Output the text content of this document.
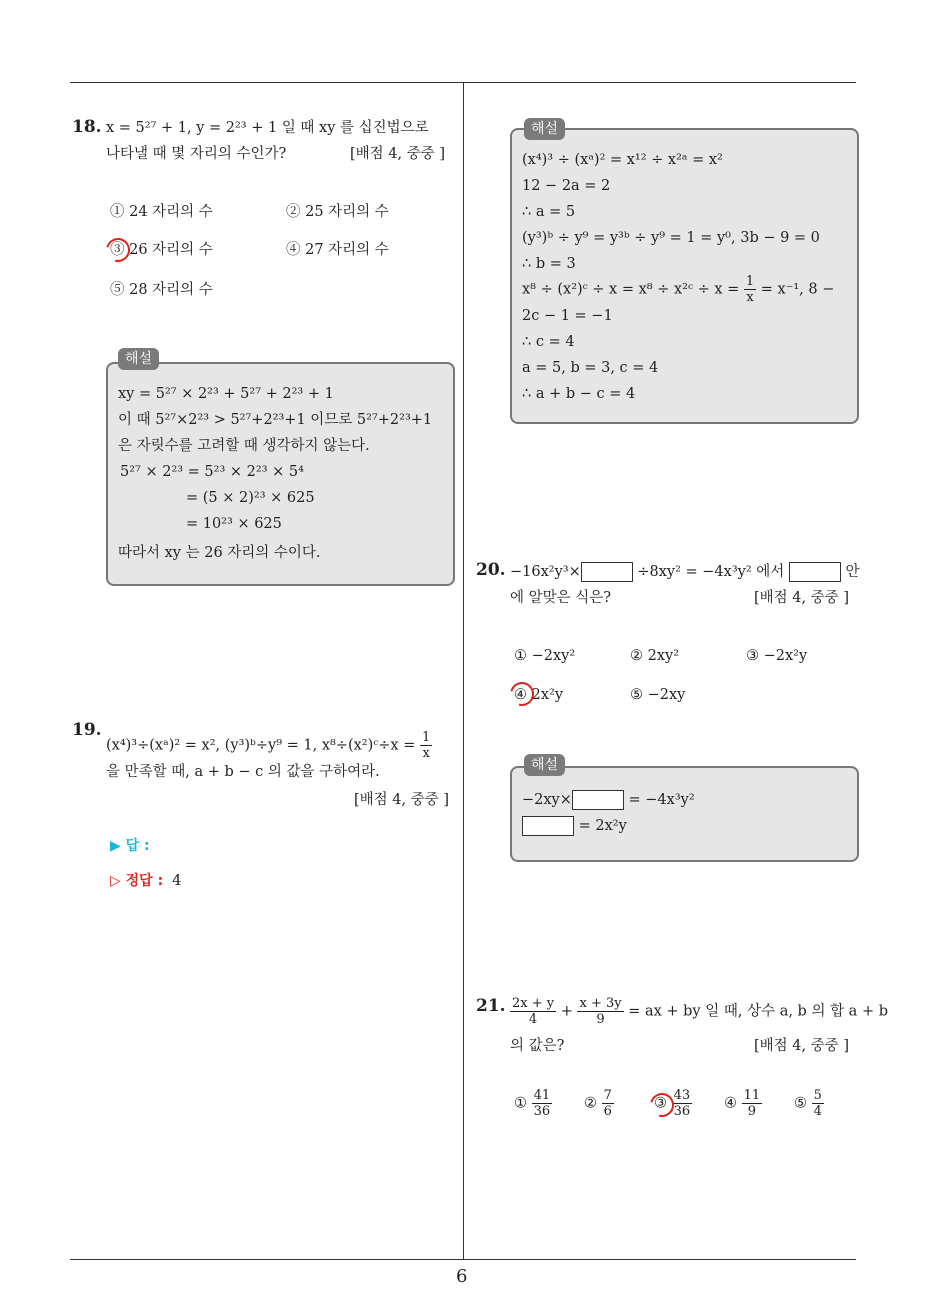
6
18. x = 5²⁷ + 1, y = 2²³ + 1 일 때 xy 를 십진법으로
나타낼 때 몇 자리의 수인가?	[배점 4, 중중 ]
① 24 자리의 수	② 25 자리의 수
③ 26 자리의 수	④ 27 자리의 수
⑤ 28 자리의 수
해설
xy = 5²⁷ × 2²³ + 5²⁷ + 2²³ + 1
이 때 5²⁷×2²³ > 5²⁷+2²³+1 이므로 5²⁷+2²³+1
은 자릿수를 고려할 때 생각하지 않는다.
5²⁷ × 2²³ = 5²³ × 2²³ × 5⁴
= (5 × 2)²³ × 625
= 10²³ × 625
따라서 xy 는 26 자리의 수이다.
19.
(x⁴)³÷(xᵃ)² = x², (y³)ᵇ÷y⁹ = 1, x⁸÷(x²)ᶜ÷x = $\frac{1}{x}$
을 만족할 때, a + b − c 의 값을 구하여라.
[배점 4, 중중 ]
▶ 답 :
▷ 정답 : 4
해설
(x⁴)³ ÷ (xᵃ)² = x¹² ÷ x²ᵃ = x²
12 − 2a = 2
∴ a = 5
(y³)ᵇ ÷ y⁹ = y³ᵇ ÷ y⁹ = 1 = y⁰, 3b − 9 = 0
∴ b = 3
x⁸ ÷ (x²)ᶜ ÷ x = x⁸ ÷ x²ᶜ ÷ $x = \frac{1}{x} = x^{-1}$, 8 −
2c − 1 = −1
∴ c = 4
a = 5, b = 3, c = 4
∴ a + b − c = 4
20. −16x²y³×	÷8xy² = −4x³y² 에서	안
에 알맞은 식은?	[배점 4, 중중 ]
① −2xy²	② 2xy²	③ −2x²y
④ 2x²y	⑤ −2xy
해설
−2xy×	= −4x³y²
= 2x²y
21. $\frac{2x + y}{4} + \frac{x + 3y}{9}$ = ax + by 일 때, 상수 a, b 의 합 a + b
의 값은?	[배점 4, 중중 ]
① $\frac{41}{36}$ ② $\frac{7}{6}$	③ $\frac{43}{36}$ ④ $\frac{11}{9}$ ⑤ $\frac{5}{4}$
